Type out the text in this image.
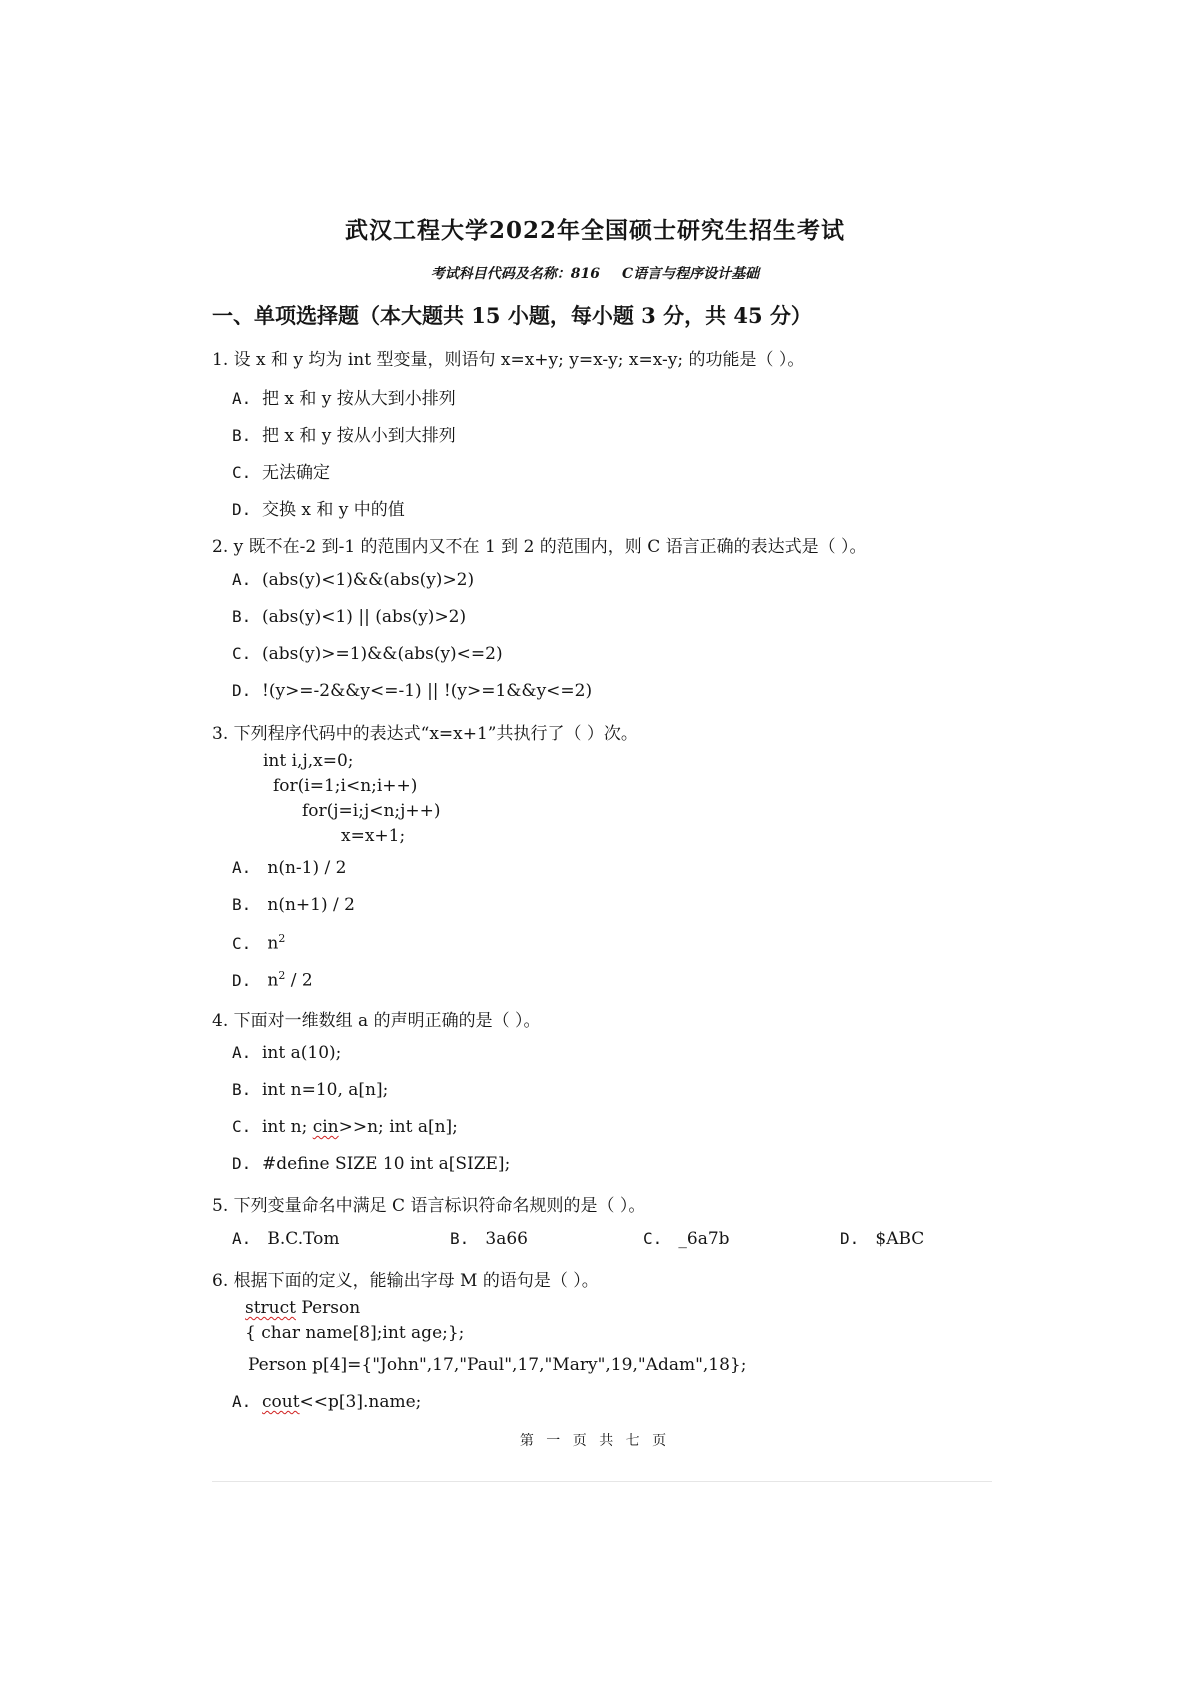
武汉工程大学2022年全国硕士研究生招生考试
考试科目代码及名称：816 C语言与程序设计基础
一、单项选择题（本大题共 15 小题，每小题 3 分，共 45 分）
1. 设 x 和 y 均为 int 型变量，则语句 x=x+y; y=x-y; x=x-y; 的功能是（ ）。
A. 把 x 和 y 按从大到小排列
B. 把 x 和 y 按从小到大排列
C. 无法确定
D. 交换 x 和 y 中的值
2. y 既不在-2 到-1 的范围内又不在 1 到 2 的范围内，则 C 语言正确的表达式是（ ）。
A. (abs(y)<1)&&(abs(y)>2)
B. (abs(y)<1) || (abs(y)>2)
C. (abs(y)>=1)&&(abs(y)<=2)
D. !(y>=-2&&y<=-1) || !(y>=1&&y<=2)
3. 下列程序代码中的表达式“x=x+1”共执行了（ ）次。
int i,j,x=0;
for(i=1;i<n;i++)
for(j=i;j<n;j++)
x=x+1;
A. n(n-1) / 2
B. n(n+1) / 2
C. $n^2$
D. $n^2 / 2$
4. 下面对一维数组 a 的声明正确的是（ ）。
A. int a(10);
B. int n=10, a[n];
C. int n; cin>>n; int a[n];
D. #define SIZE 10 int a[SIZE];
5. 下列变量命名中满足 C 语言标识符命名规则的是（ ）。
A. B.C.Tom	B. 3a66	C. _6a7b	D. $ABC
6. 根据下面的定义，能输出字母 M 的语句是（ ）。
struct Person
{ char name[8];int age;};
Person p[4]={"John",17,"Paul",17,"Mary",19,"Adam",18};
A. cout<<p[3].name;
第 一 页 共 七 页
